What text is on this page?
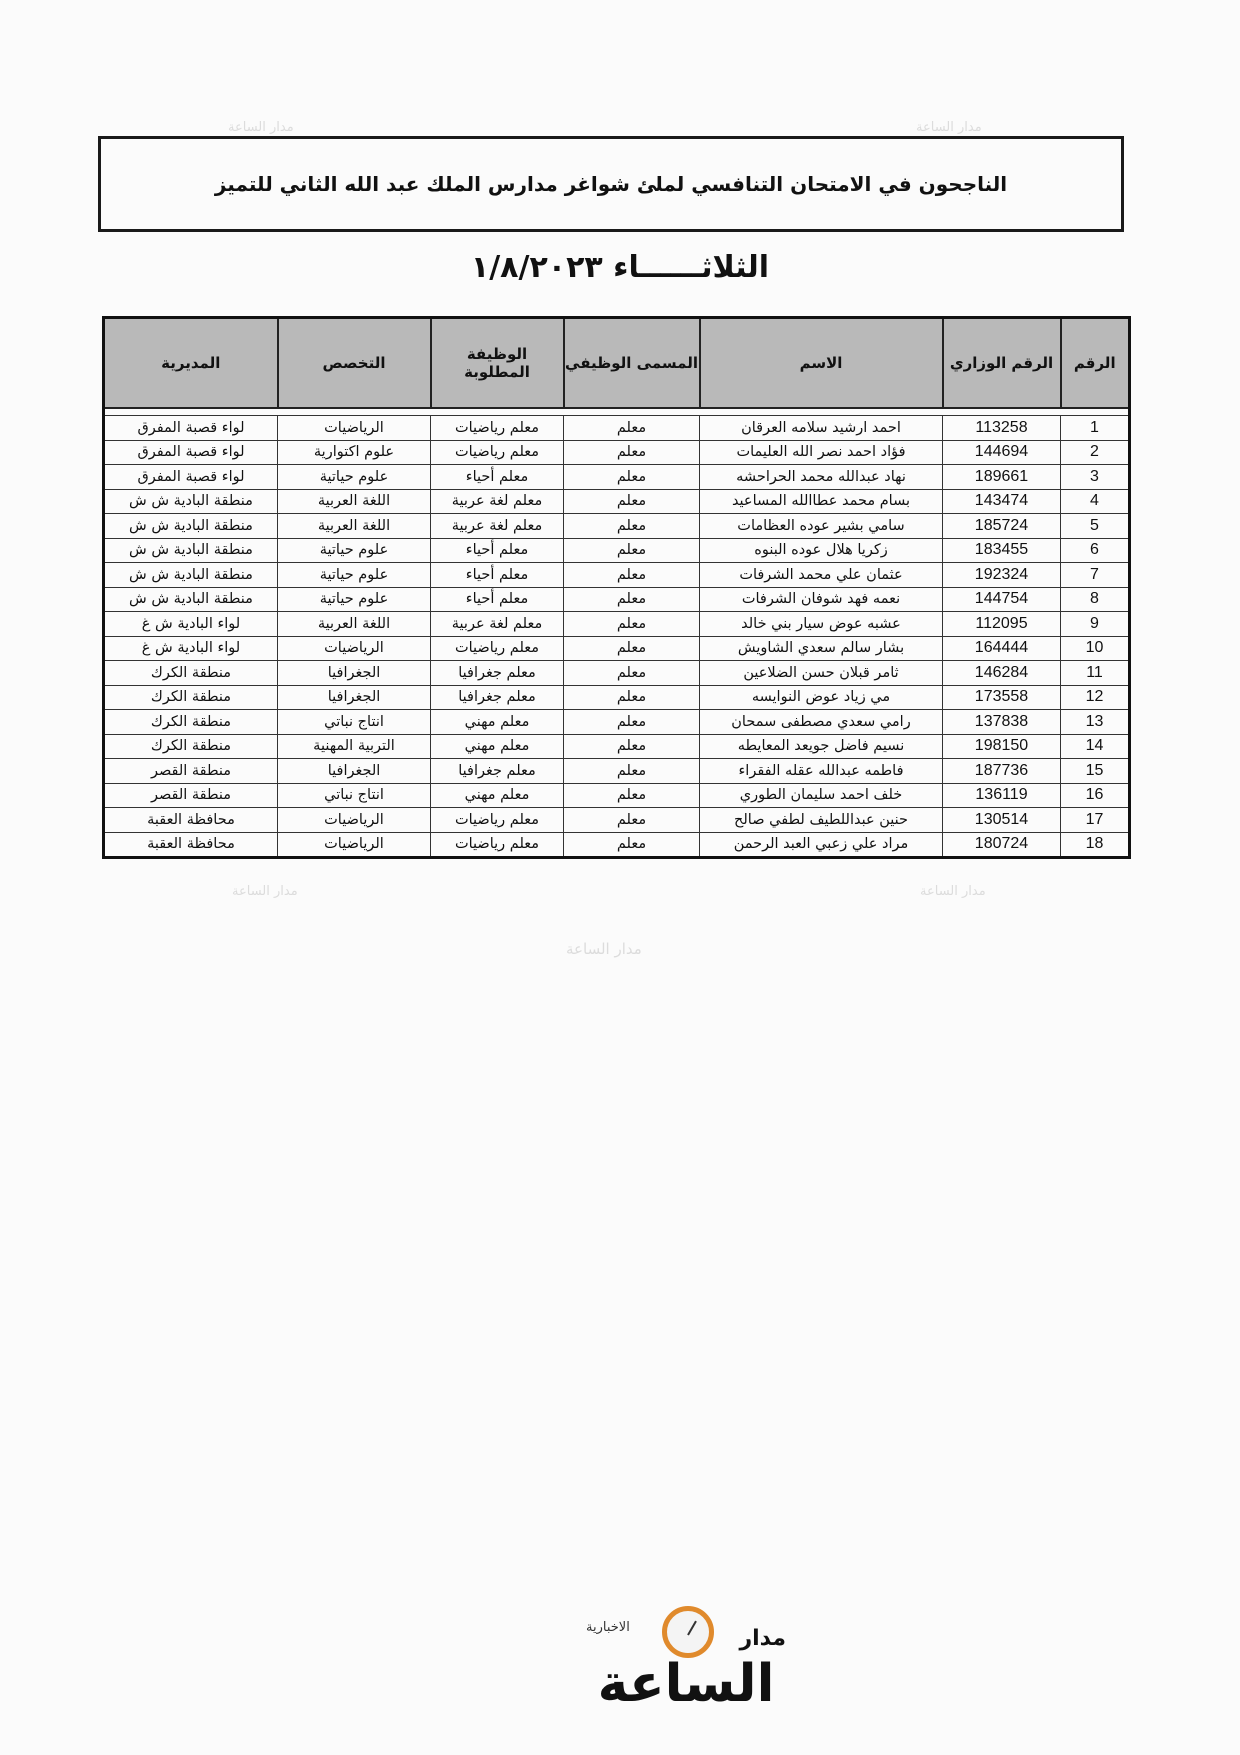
مدار الساعة	مدار الساعة
مدار الساعة	مدار الساعة
مدار الساعة
الناجحون في الامتحان التنافسي لملئ شواغر مدارس الملك عبد الله الثاني للتميز
الثلاثــــــاء ١/٨/٢٠٢٣
الرقم	الرقم الوزاري	الاسم	المسمى الوظيفي	الوظيفة المطلوبة	التخصص	المديرية

1	113258	احمد ارشيد سلامه العرقان	معلم	معلم رياضيات	الرياضيات	لواء قصبة المفرق
2	144694	فؤاد احمد نصر الله العليمات	معلم	معلم رياضيات	علوم اكتوارية	لواء قصبة المفرق
3	189661	نهاد عبدالله محمد الحراحشه	معلم	معلم أحياء	علوم حياتية	لواء قصبة المفرق
4	143474	بسام محمد عطاالله المساعيد	معلم	معلم لغة عربية	اللغة العربية	منطقة البادية ش ش
5	185724	سامي بشير عوده العظامات	معلم	معلم لغة عربية	اللغة العربية	منطقة البادية ش ش
6	183455	زكريا هلال عوده البنوه	معلم	معلم أحياء	علوم حياتية	منطقة البادية ش ش
7	192324	عثمان علي محمد الشرفات	معلم	معلم أحياء	علوم حياتية	منطقة البادية ش ش
8	144754	نعمه فهد شوفان الشرفات	معلم	معلم أحياء	علوم حياتية	منطقة البادية ش ش
9	112095	عشبه عوض سيار بني خالد	معلم	معلم لغة عربية	اللغة العربية	لواء البادية ش غ
10	164444	بشار سالم سعدي الشاويش	معلم	معلم رياضيات	الرياضيات	لواء البادية ش غ
11	146284	ثامر قبلان حسن الضلاعين	معلم	معلم جغرافيا	الجغرافيا	منطقة الكرك
12	173558	مي زياد عوض النوايسه	معلم	معلم جغرافيا	الجغرافيا	منطقة الكرك
13	137838	رامي سعدي مصطفى سمحان	معلم	معلم مهني	انتاج نباتي	منطقة الكرك
14	198150	نسيم فاضل جويعد المعايطه	معلم	معلم مهني	التربية المهنية	منطقة الكرك
15	187736	فاطمه عبدالله عقله الفقراء	معلم	معلم جغرافيا	الجغرافيا	منطقة القصر
16	136119	خلف احمد سليمان الطوري	معلم	معلم مهني	انتاج نباتي	منطقة القصر
17	130514	حنين عبداللطيف لطفي صالح	معلم	معلم رياضيات	الرياضيات	محافظة العقبة
18	180724	مراد علي زعبي العبد الرحمن	معلم	معلم رياضيات	الرياضيات	محافظة العقبة
مدار
الاخبارية
الساعة
